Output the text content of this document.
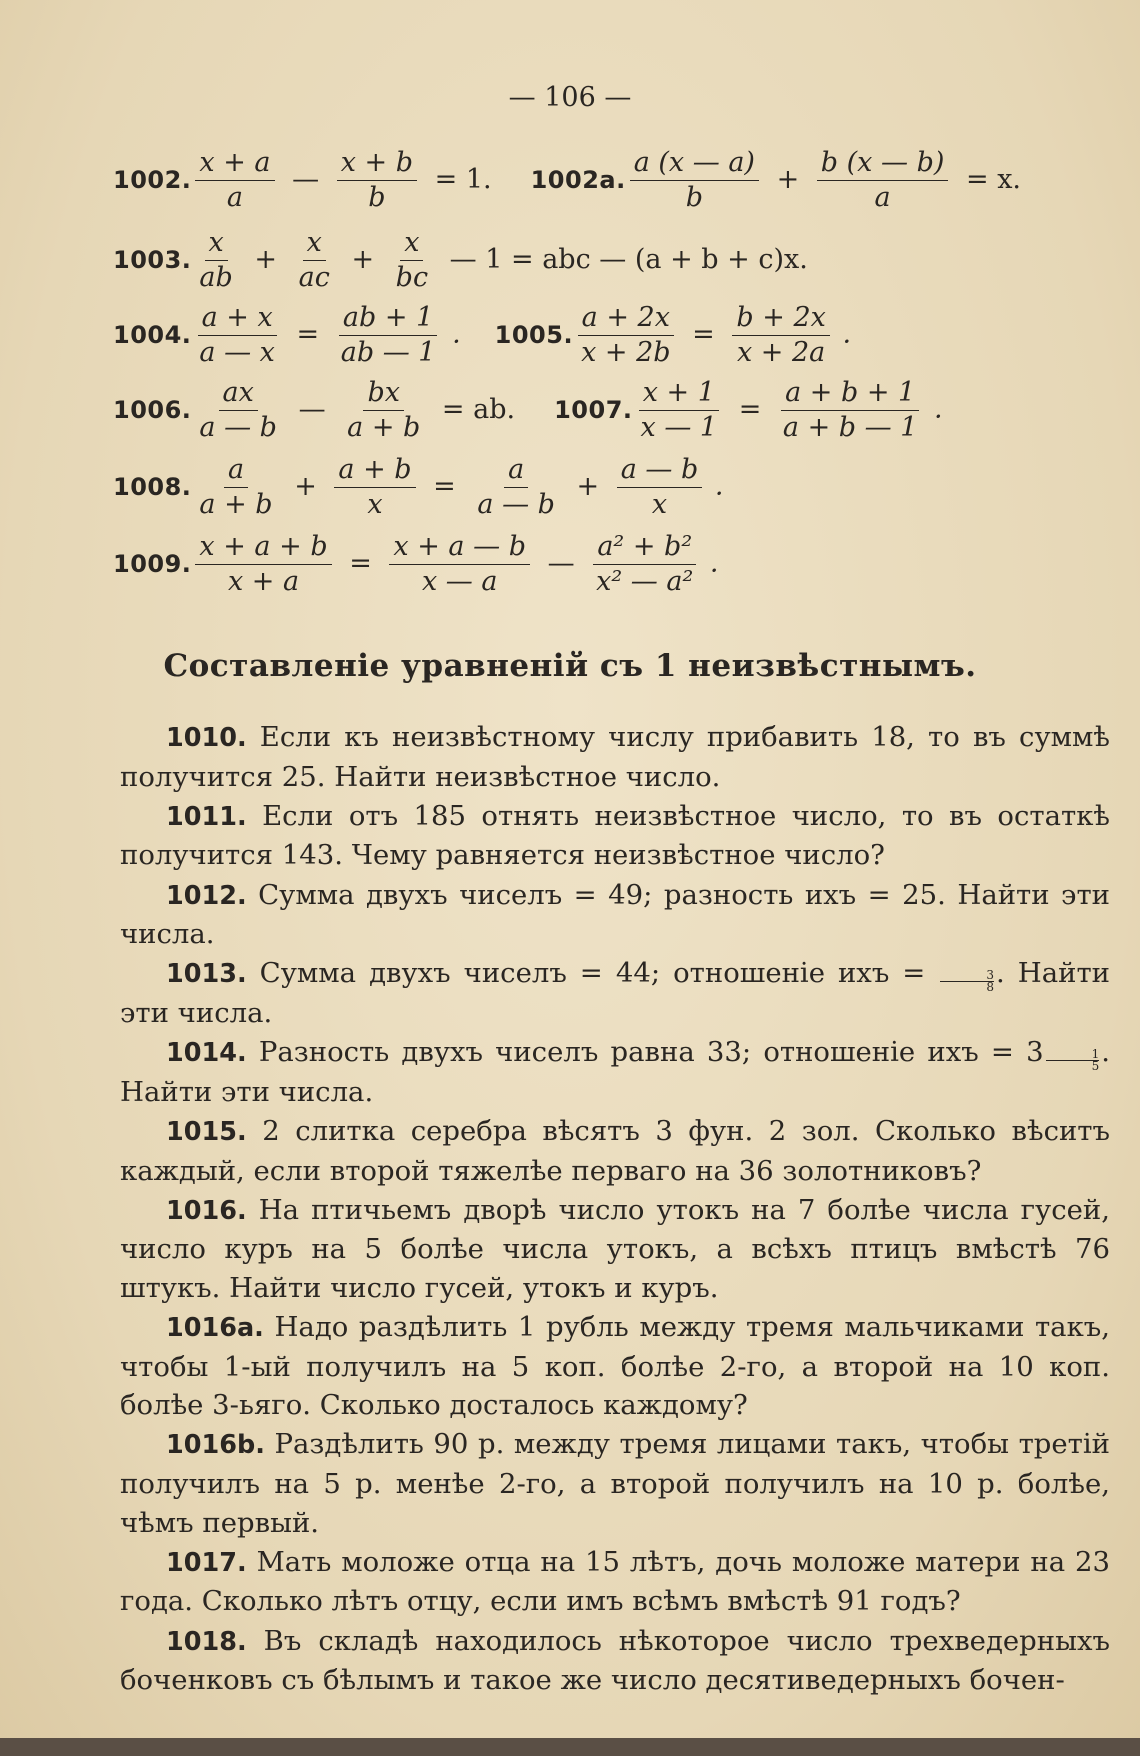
— 106 —
1002. $\frac{x + a}{a}$ — $\frac{x + b}{b} = 1$. 1002a. $\frac{a (x — a)}{b} + \frac{b (x — b)}{a} = x$.
1003. $\frac{x}{ab} + \frac{x}{ac} + \frac{x}{bc}$ — 1 = abc — (a + b + c)x.
1004. $\frac{a + x}{a — x} = \frac{ab + 1}{ab — 1}$ . 1005. $\frac{a + 2x}{x + 2b} = \frac{b + 2x}{x + 2a}$ .
1006. $\frac{ax}{a — b}$ — $\frac{bx}{a + b}$ = ab. 1007. $\frac{x + 1}{x — 1} = \frac{a + b + 1}{a + b — 1}$ .
1008. $\frac{a}{a + b} + \frac{a + b}{x} = \frac{a}{a — b} + \frac{a — b}{x}$ .
1009. $\frac{x + a + b}{x + a} = \frac{x + a — b}{x — a}$ — $\frac{\text{a² + b²}}{\text{x² — a²}}$ .
Составленіе уравненій съ 1 неизвѣстнымъ.

1010. Если къ неизвѣстному числу прибавить 18, то въ суммѣ получится 25. Найти неизвѣстное число.

1011. Если отъ 185 отнять неизвѣстное число, то въ остаткѣ получится 143. Чему равняется неизвѣстное число?

1012. Сумма двухъ чиселъ = 49; разность ихъ = 25. Найти эти числа.

1013. Сумма двухъ чиселъ = 44; отношеніе ихъ = $\frac{3}{8}$ . Найти эти числа.

1014. Разность двухъ чиселъ равна 33; отношеніе ихъ = $3 \frac{1}{5}$ . Найти эти числа.

1015. 2 слитка серебра вѣсятъ 3 фун. 2 зол. Сколько вѣситъ каждый, если второй тяжелѣе перваго на 36 золотниковъ?

1016. На птичьемъ дворѣ число утокъ на 7 болѣе числа гусей, число куръ на 5 болѣе числа утокъ, а всѣхъ птицъ вмѣстѣ 76 штукъ. Найти число гусей, утокъ и куръ.

1016a. Надо раздѣлить 1 рубль между тремя мальчиками такъ, чтобы 1-ый получилъ на 5 коп. болѣе 2-го, а второй на 10 коп. болѣе 3-ьяго. Сколько досталось каждому?

1016b. Раздѣлить 90 р. между тремя лицами такъ, чтобы третій получилъ на 5 р. менѣе 2-го, а второй получилъ на 10 р. болѣе, чѣмъ первый.

1017. Мать моложе отца на 15 лѣтъ, дочь моложе матери на 23 года. Сколько лѣтъ отцу, если имъ всѣмъ вмѣстѣ 91 годъ?

1018. Въ складѣ находилось нѣкоторое число трехведерныхъ боченковъ съ бѣлымъ и такое же число десятиведерныхъ бочен-
